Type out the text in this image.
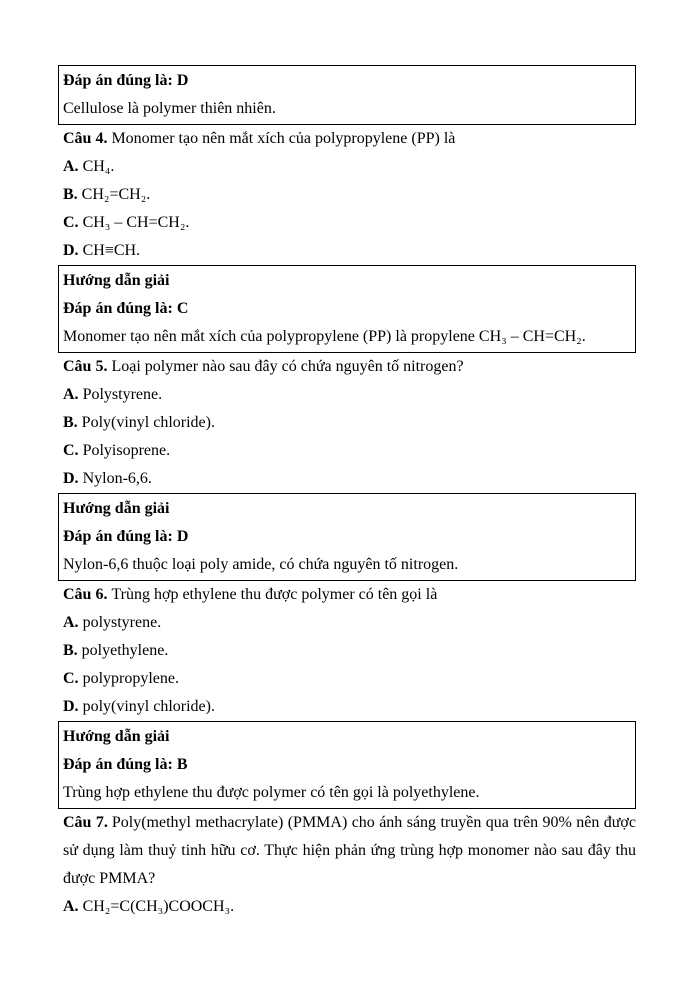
Đáp án đúng là: D

Cellulose là polymer thiên nhiên.

Câu 4. Monomer tạo nên mắt xích của polypropylene (PP) là

A. CH₄.

B. CH₂=CH₂.

C. CH₃ – CH=CH₂.

D. CH≡CH.

Hướng dẫn giải

Đáp án đúng là: C

Monomer tạo nên mắt xích của polypropylene (PP) là propylene CH₃ – CH=CH₂.

Câu 5. Loại polymer nào sau đây có chứa nguyên tố nitrogen?

A. Polystyrene.

B. Poly(vinyl chloride).

C. Polyisoprene.

D. Nylon-6,6.

Hướng dẫn giải

Đáp án đúng là: D

Nylon-6,6 thuộc loại poly amide, có chứa nguyên tố nitrogen.

Câu 6. Trùng hợp ethylene thu được polymer có tên gọi là

A. polystyrene.

B. polyethylene.

C. polypropylene.

D. poly(vinyl chloride).

Hướng dẫn giải

Đáp án đúng là: B

Trùng hợp ethylene thu được polymer có tên gọi là polyethylene.

Câu 7. Poly(methyl methacrylate) (PMMA) cho ánh sáng truyền qua trên 90% nên được sử dụng làm thuỷ tinh hữu cơ. Thực hiện phản ứng trùng hợp monomer nào sau đây thu được PMMA?

A. CH₂=C(CH₃)COOCH₃.
